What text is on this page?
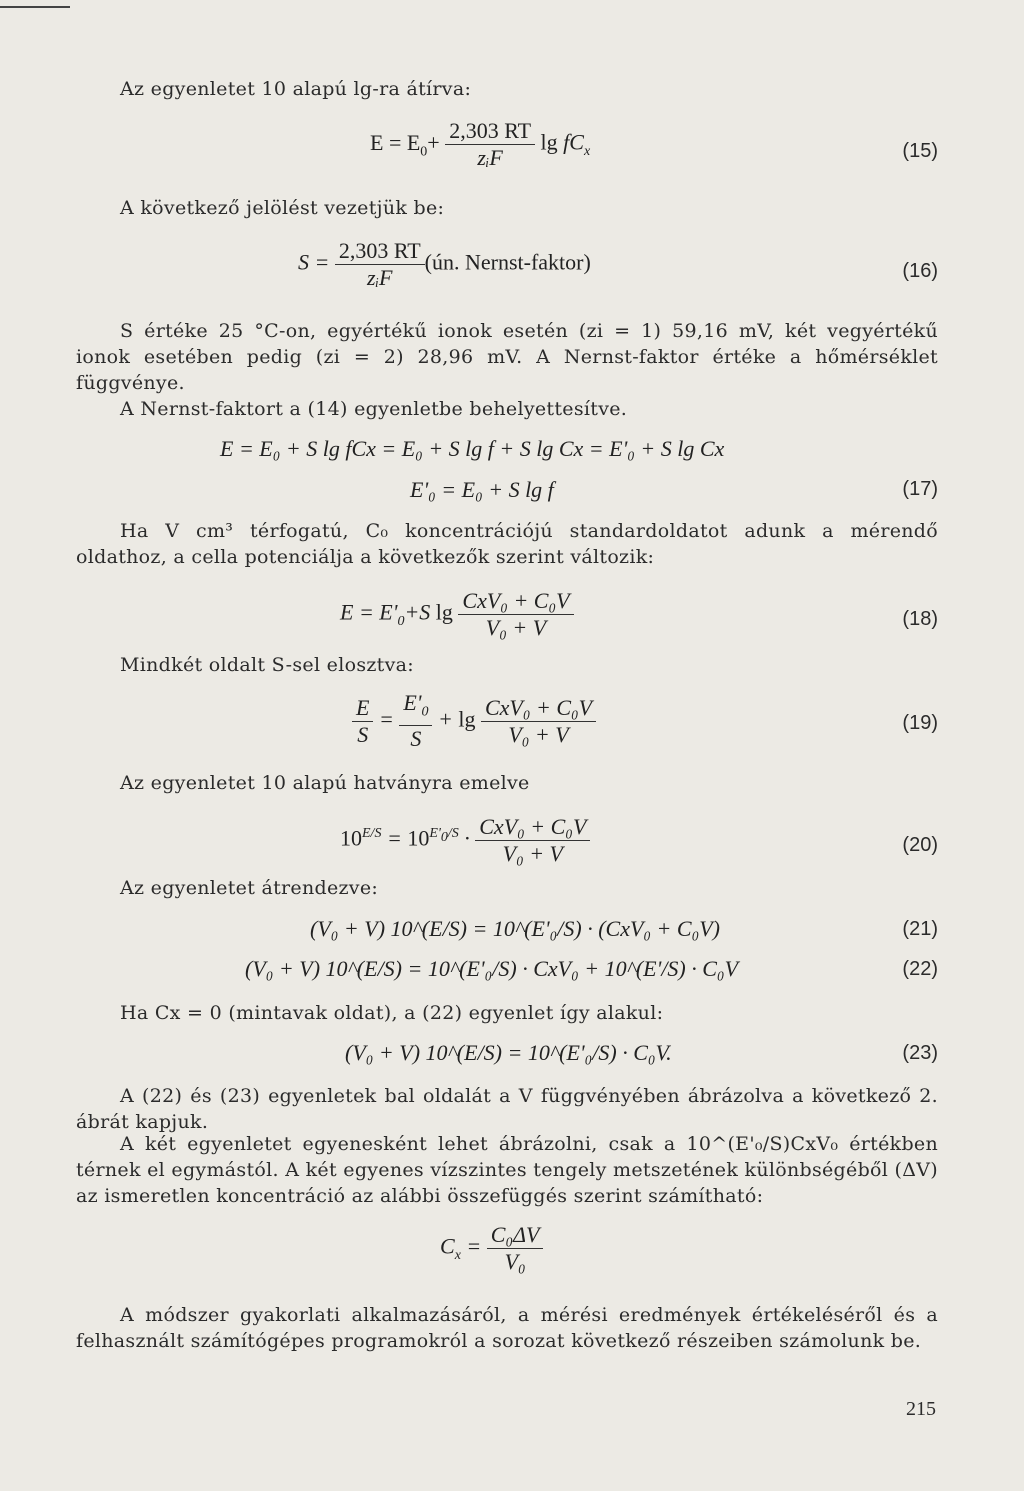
Az egyenletet 10 alapú lg-ra átírva:

$E = E_0+ \frac{2,303 RT}{\text{zᵢF}}$ $\lg fC_x$	(15)

A következő jelölést vezetjük be:

$S = \frac{2,303 RT}{\text{zᵢF}}$ (ún. Nernst-faktor)	(16)

S értéke 25 °C-on, egyértékű ionok esetén (zi = 1) 59,16 mV, két vegyértékű ionok esetében pedig (zi = 2) 28,96 mV. A Nernst-faktor értéke a hőmérséklet függvénye.

A Nernst-faktort a (14) egyenletbe behelyettesítve.

E = E₀ + S lg fCx = E₀ + S lg f + S lg Cx = E'₀ + S lg Cx
E'₀ = E₀ + S lg f	(17)

Ha V cm³ térfogatú, C₀ koncentrációjú standardoldatot adunk a mérendő oldathoz, a cella potenciálja a következők szerint változik:

$E = E'_0+S$ $\lg \frac{\text{CxV₀ + C₀V}}{\text{V₀ + V}}$	(18)

Mindkét oldalt S-sel elosztva:

$\frac{E}{S} = \frac{E'_0}{S} + \lg \frac{\text{CxV₀ + C₀V}}{\text{V₀ + V}}$	(19)

Az egyenletet 10 alapú hatványra emelve

$10^{E/S} = 10^{E'_0/S} \cdot \frac{\text{CxV₀ + C₀V}}{\text{V₀ + V}}$	(20)

Az egyenletet átrendezve:

(V₀ + V) 10^(E/S) = 10^(E'₀/S) · (CxV₀ + C₀V)	(21)
(V₀ + V) 10^(E/S) = 10^(E'₀/S) · CxV₀ + 10^(E'/S) · C₀V	(22)

Ha Cx = 0 (mintavak oldat), a (22) egyenlet így alakul:

(V₀ + V) 10^(E/S) = 10^(E'₀/S) · C₀V.	(23)

A (22) és (23) egyenletek bal oldalát a V függvényében ábrázolva a következő 2. ábrát kapjuk.

A két egyenletet egyenesként lehet ábrázolni, csak a 10^(E'₀/S)CxV₀ értékben térnek el egymástól. A két egyenes vízszintes tengely metszetének különbségéből (ΔV) az ismeretlen koncentráció az alábbi összefüggés szerint számítható:

$C_x = \frac{\text{C₀ΔV}}{\text{V₀}}$

A módszer gyakorlati alkalmazásáról, a mérési eredmények értékeléséről és a felhasznált számítógépes programokról a sorozat következő részeiben számolunk be.

215
